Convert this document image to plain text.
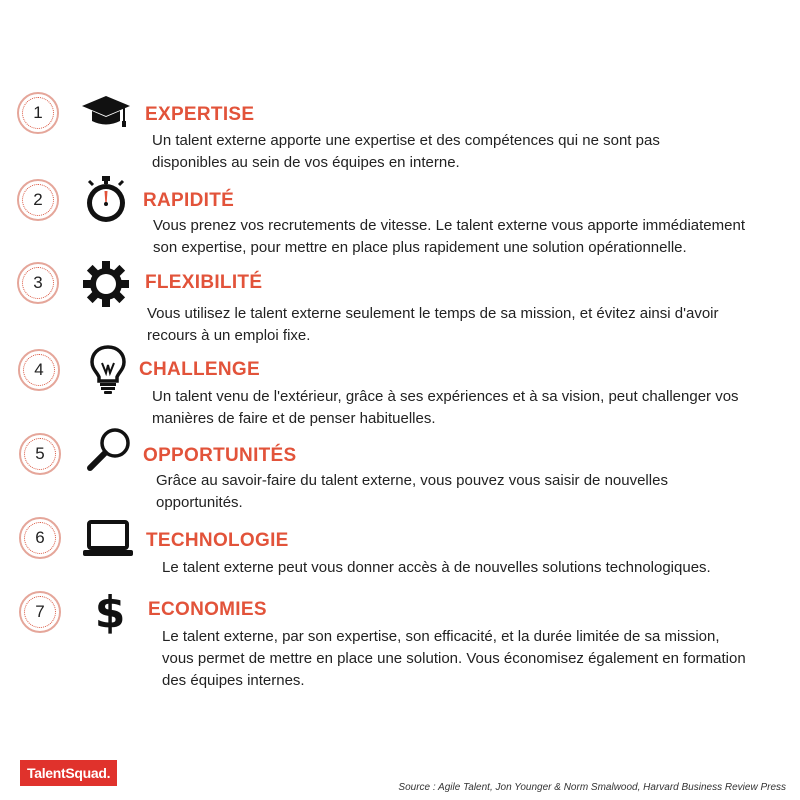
1	EXPERTISE
Un talent externe apporte une expertise et des compétences qui ne sont pas
disponibles au sein de vos équipes en interne.
2	RAPIDITÉ
Vous prenez vos recrutements de vitesse. Le talent externe vous apporte immédiatement
son expertise, pour mettre en place plus rapidement une solution opérationnelle.
3	FLEXIBILITÉ
Vous utilisez le talent externe seulement le temps de sa mission, et évitez ainsi d'avoir
recours à un emploi fixe.
4	CHALLENGE
Un talent venu de l'extérieur, grâce à ses expériences et à sa vision, peut challenger vos
manières de faire et de penser habituelles.
5	OPPORTUNITÉS
Grâce au savoir-faire du talent externe, vous pouvez vous saisir de nouvelles
opportunités.
6	TECHNOLOGIE
Le talent externe peut vous donner accès à de nouvelles solutions technologiques.
7 $ ECONOMIES
Le talent externe, par son expertise, son efficacité, et la durée limitée de sa mission,
vous permet de mettre en place une solution. Vous économisez également en formation
des équipes internes.
TalentSquad.
Source : Agile Talent, Jon Younger & Norm Smalwood, Harvard Business Review Press
